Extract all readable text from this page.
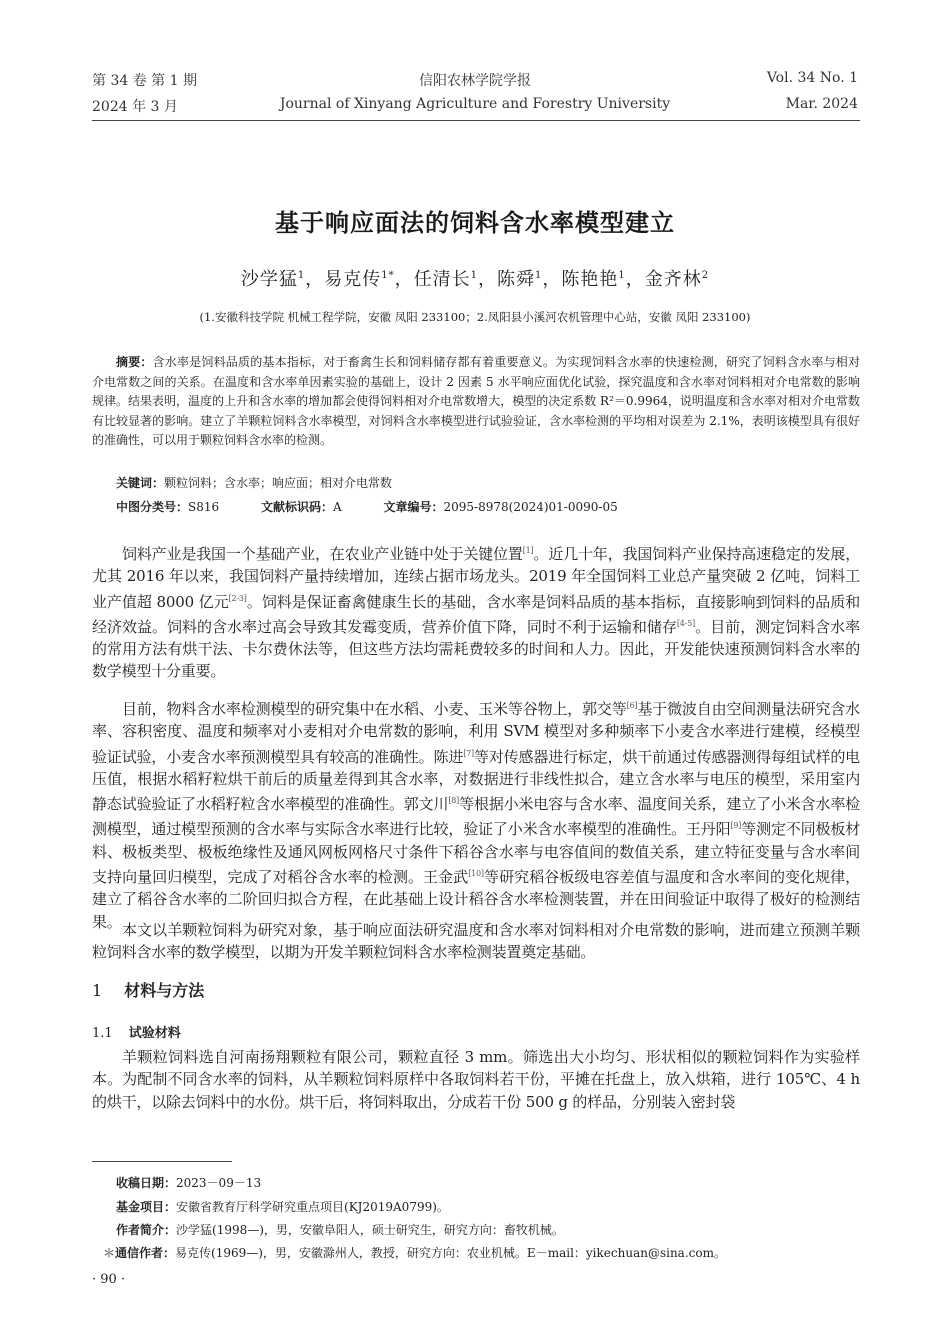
第 34 卷 第 1 期
2024 年 3 月
信阳农林学院学报
Journal of Xinyang Agriculture and Forestry University
Vol. 34 No. 1
Mar. 2024
基于响应面法的饲料含水率模型建立
沙学猛$^1$，易克传$^{1*}$，任清长$^1$，陈舜$^1$，陈艳艳$^1$，金齐林$^2$
(1.安徽科技学院 机械工程学院，安徽 凤阳 233100；2.凤阳县小溪河农机管理中心站，安徽 凤阳 233100)

摘要：含水率是饲料品质的基本指标，对于畜禽生长和饲料储存都有着重要意义。为实现饲料含水率的快速检测，研究了饲料含水率与相对介电常数之间的关系。在温度和含水率单因素实验的基础上，设计 2 因素 5 水平响应面优化试验，探究温度和含水率对饲料相对介电常数的影响规律。结果表明，温度的上升和含水率的增加都会使得饲料相对介电常数增大，模型的决定系数 R²＝0.9964，说明温度和含水率对相对介电常数有比较显著的影响。建立了羊颗粒饲料含水率模型，对饲料含水率模型进行试验验证，含水率检测的平均相对误差为 2.1%，表明该模型具有很好的准确性，可以用于颗粒饲料含水率的检测。

关键词：颗粒饲料；含水率；响应面；相对介电常数
中图分类号：S816	文献标识码：A	文章编号：2095-8978(2024)01-0090-05

饲料产业是我国一个基础产业，在农业产业链中处于关键位置[1]。近几十年，我国饲料产业保持高速稳定的发展，尤其 2016 年以来，我国饲料产量持续增加，连续占据市场龙头。2019 年全国饲料工业总产量突破 2 亿吨，饲料工业产值超 8000 亿元[2-3]。饲料是保证畜禽健康生长的基础，含水率是饲料品质的基本指标，直接影响到饲料的品质和经济效益。饲料的含水率过高会导致其发霉变质，营养价值下降，同时不利于运输和储存[4-5]。目前，测定饲料含水率的常用方法有烘干法、卡尔费休法等，但这些方法均需耗费较多的时间和人力。因此，开发能快速预测饲料含水率的数学模型十分重要。

目前，物料含水率检测模型的研究集中在水稻、小麦、玉米等谷物上，郭交等[6]基于微波自由空间测量法研究含水率、容积密度、温度和频率对小麦相对介电常数的影响，利用 SVM 模型对多种频率下小麦含水率进行建模，经模型验证试验，小麦含水率预测模型具有较高的准确性。陈进[7]等对传感器进行标定，烘干前通过传感器测得每组试样的电压值，根据水稻籽粒烘干前后的质量差得到其含水率，对数据进行非线性拟合，建立含水率与电压的模型，采用室内静态试验验证了水稻籽粒含水率模型的准确性。郭文川[8]等根据小米电容与含水率、温度间关系，建立了小米含水率检测模型，通过模型预测的含水率与实际含水率进行比较，验证了小米含水率模型的准确性。王丹阳[9]等测定不同极板材料、极板类型、极板绝缘性及通风网板网格尺寸条件下稻谷含水率与电容值间的数值关系，建立特征变量与含水率间支持向量回归模型，完成了对稻谷含水率的检测。王金武[10]等研究稻谷板级电容差值与温度和含水率间的变化规律，建立了稻谷含水率的二阶回归拟合方程，在此基础上设计稻谷含水率检测装置，并在田间验证中取得了极好的检测结果。 本文以羊颗粒饲料为研究对象，基于响应面法研究温度和含水率对饲料相对介电常数的影响，进而建立预测羊颗粒饲料含水率的数学模型，以期为开发羊颗粒饲料含水率检测装置奠定基础。

1 材料与方法
1.1 试验材料

羊颗粒饲料选自河南扬翔颗粒有限公司，颗粒直径 3 mm。筛选出大小均匀、形状相似的颗粒饲料作为实验样本。为配制不同含水率的饲料，从羊颗粒饲料原样中各取饲料若干份，平摊在托盘上，放入烘箱，进行 105℃、4 h 的烘干，以除去饲料中的水份。烘干后，将饲料取出，分成若干份 500 g 的样品，分别装入密封袋

收稿日期：2023－09－13
基金项目：安徽省教育厅科学研究重点项目(KJ2019A0799)。
作者简介：沙学猛(1998—)，男，安徽阜阳人，硕士研究生，研究方向：畜牧机械。
＊通信作者：易克传(1969—)，男，安徽滁州人，教授，研究方向：农业机械。E－mail：yikechuan@sina.com。
· 90 ·
